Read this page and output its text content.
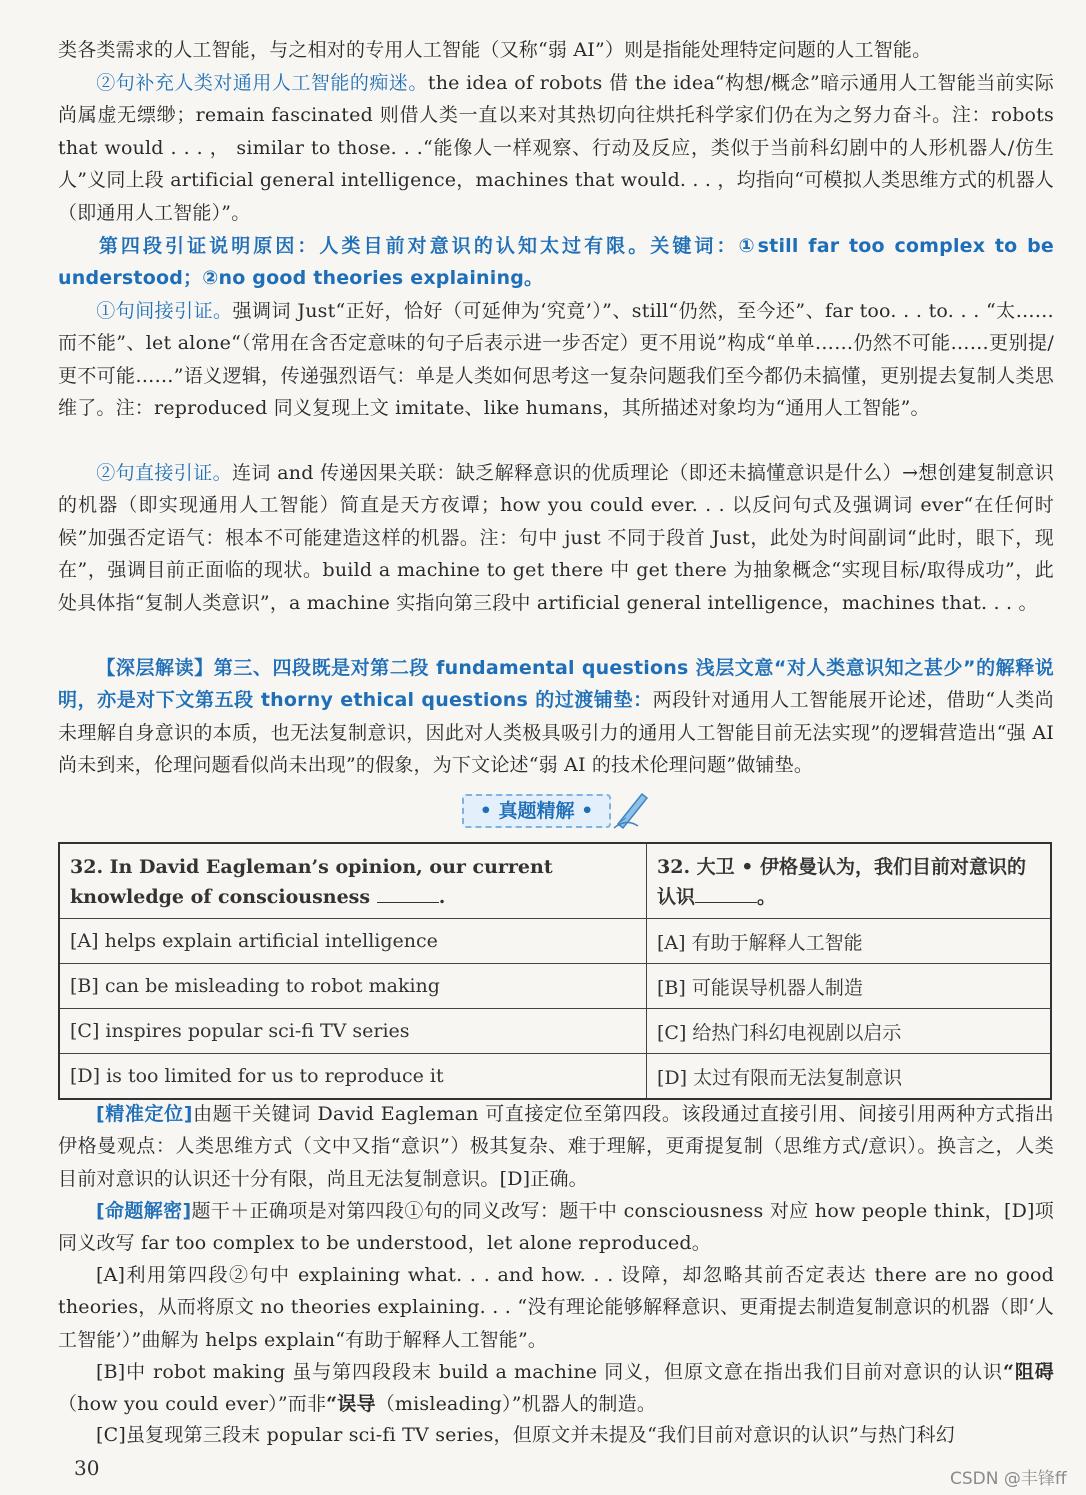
类各类需求的人工智能，与之相对的专用人工智能（又称“弱 AI”）则是指能处理特定问题的人工智能。

②句补充人类对通用人工智能的痴迷。the idea of robots 借 the idea“构想/概念”暗示通用人工智能当前实际尚属虚无缥缈；remain fascinated 则借人类一直以来对其热切向往烘托科学家们仍在为之努力奋斗。注：robots that would . . . ， similar to those. . .“能像人一样观察、行动及反应，类似于当前科幻剧中的人形机器人/仿生人”义同上段 artificial general intelligence，machines that would. . . ，均指向“可模拟人类思维方式的机器人（即通用人工智能）”。

第四段引证说明原因：人类目前对意识的认知太过有限。关键词：①still far too complex to be understood；②no good theories explaining。

①句间接引证。强调词 Just“正好，恰好（可延伸为‘究竟’）”、still“仍然，至今还”、far too. . . to. . . “太……而不能”、let alone“（常用在含否定意味的句子后表示进一步否定）更不用说”构成“单单……仍然不可能……更别提/更不可能……”语义逻辑，传递强烈语气：单是人类如何思考这一复杂问题我们至今都仍未搞懂，更别提去复制人类思维了。注：reproduced 同义复现上文 imitate、like humans，其所描述对象均为“通用人工智能”。

②句直接引证。连词 and 传递因果关联：缺乏解释意识的优质理论（即还未搞懂意识是什么）→想创建复制意识的机器（即实现通用人工智能）简直是天方夜谭；how you could ever. . . 以反问句式及强调词 ever“在任何时候”加强否定语气：根本不可能建造这样的机器。注：句中 just 不同于段首 Just，此处为时间副词“此时，眼下，现在”，强调目前正面临的现状。build a machine to get there 中 get there 为抽象概念“实现目标/取得成功”，此处具体指“复制人类意识”，a machine 实指向第三段中 artificial general intelligence，machines that. . . 。

【深层解读】第三、四段既是对第二段 fundamental questions 浅层文意“对人类意识知之甚少”的解释说明，亦是对下文第五段 thorny ethical questions 的过渡铺垫：两段针对通用人工智能展开论述，借助“人类尚未理解自身意识的本质，也无法复制意识，因此对人类极具吸引力的通用人工智能目前无法实现”的逻辑营造出“强 AI 尚未到来，伦理问题看似尚未出现”的假象，为下文论述“弱 AI 的技术伦理问题”做铺垫。

• 真题精解 •
32. In David Eagleman’s opinion, our current knowledge of consciousness .	32. 大卫 • 伊格曼认为，我们目前对意识的认识 。
[A] helps explain artificial intelligence	[A] 有助于解释人工智能
[B] can be misleading to robot making	[B] 可能误导机器人制造
[C] inspires popular sci-fi TV series	[C] 给热门科幻电视剧以启示
[D] is too limited for us to reproduce it	[D] 太过有限而无法复制意识

[精准定位]由题干关键词 David Eagleman 可直接定位至第四段。该段通过直接引用、间接引用两种方式指出伊格曼观点：人类思维方式（文中又指“意识”）极其复杂、难于理解，更甭提复制（思维方式/意识）。换言之，人类目前对意识的认识还十分有限，尚且无法复制意识。[D]正确。

[命题解密]题干＋正确项是对第四段①句的同义改写：题干中 consciousness 对应 how people think，[D]项同义改写 far too complex to be understood，let alone reproduced。

[A]利用第四段②句中 explaining what. . . and how. . . 设障，却忽略其前否定表达 there are no good theories，从而将原文 no theories explaining. . . “没有理论能够解释意识、更甭提去制造复制意识的机器（即‘人工智能’）”曲解为 helps explain“有助于解释人工智能”。

[B]中 robot making 虽与第四段段末 build a machine 同义，但原文意在指出我们目前对意识的认识“阻碍（how you could ever）”而非“误导（misleading）”机器人的制造。

[C]虽复现第三段末 popular sci-fi TV series，但原文并未提及“我们目前对意识的认识”与热门科幻

30	CSDN @丰锋ff
